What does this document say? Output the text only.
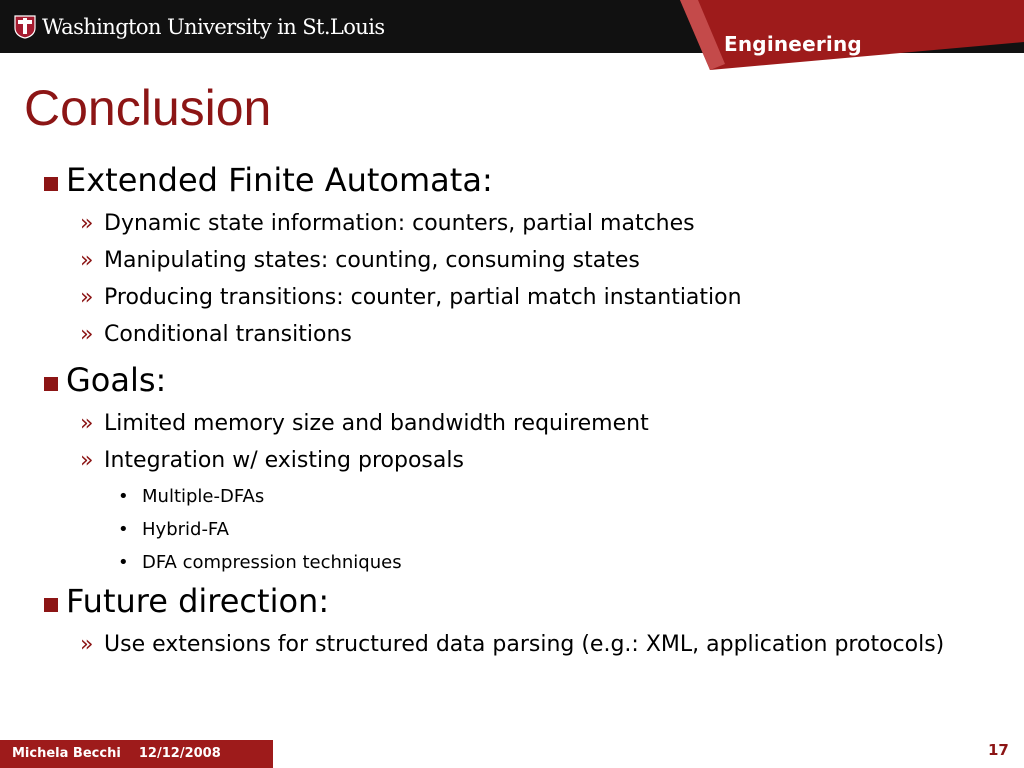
Washington University in St.Louis
Engineering
Conclusion
Extended Finite Automata:
» Dynamic state information: counters, partial matches
» Manipulating states: counting, consuming states
» Producing transitions: counter, partial match instantiation
» Conditional transitions
Goals:
» Limited memory size and bandwidth requirement
» Integration w/ existing proposals
• Multiple-DFAs
• Hybrid-FA
• DFA compression techniques
Future direction:
» Use extensions for structured data parsing (e.g.: XML, application protocols)
Michela Becchi 12/12/2008	17
